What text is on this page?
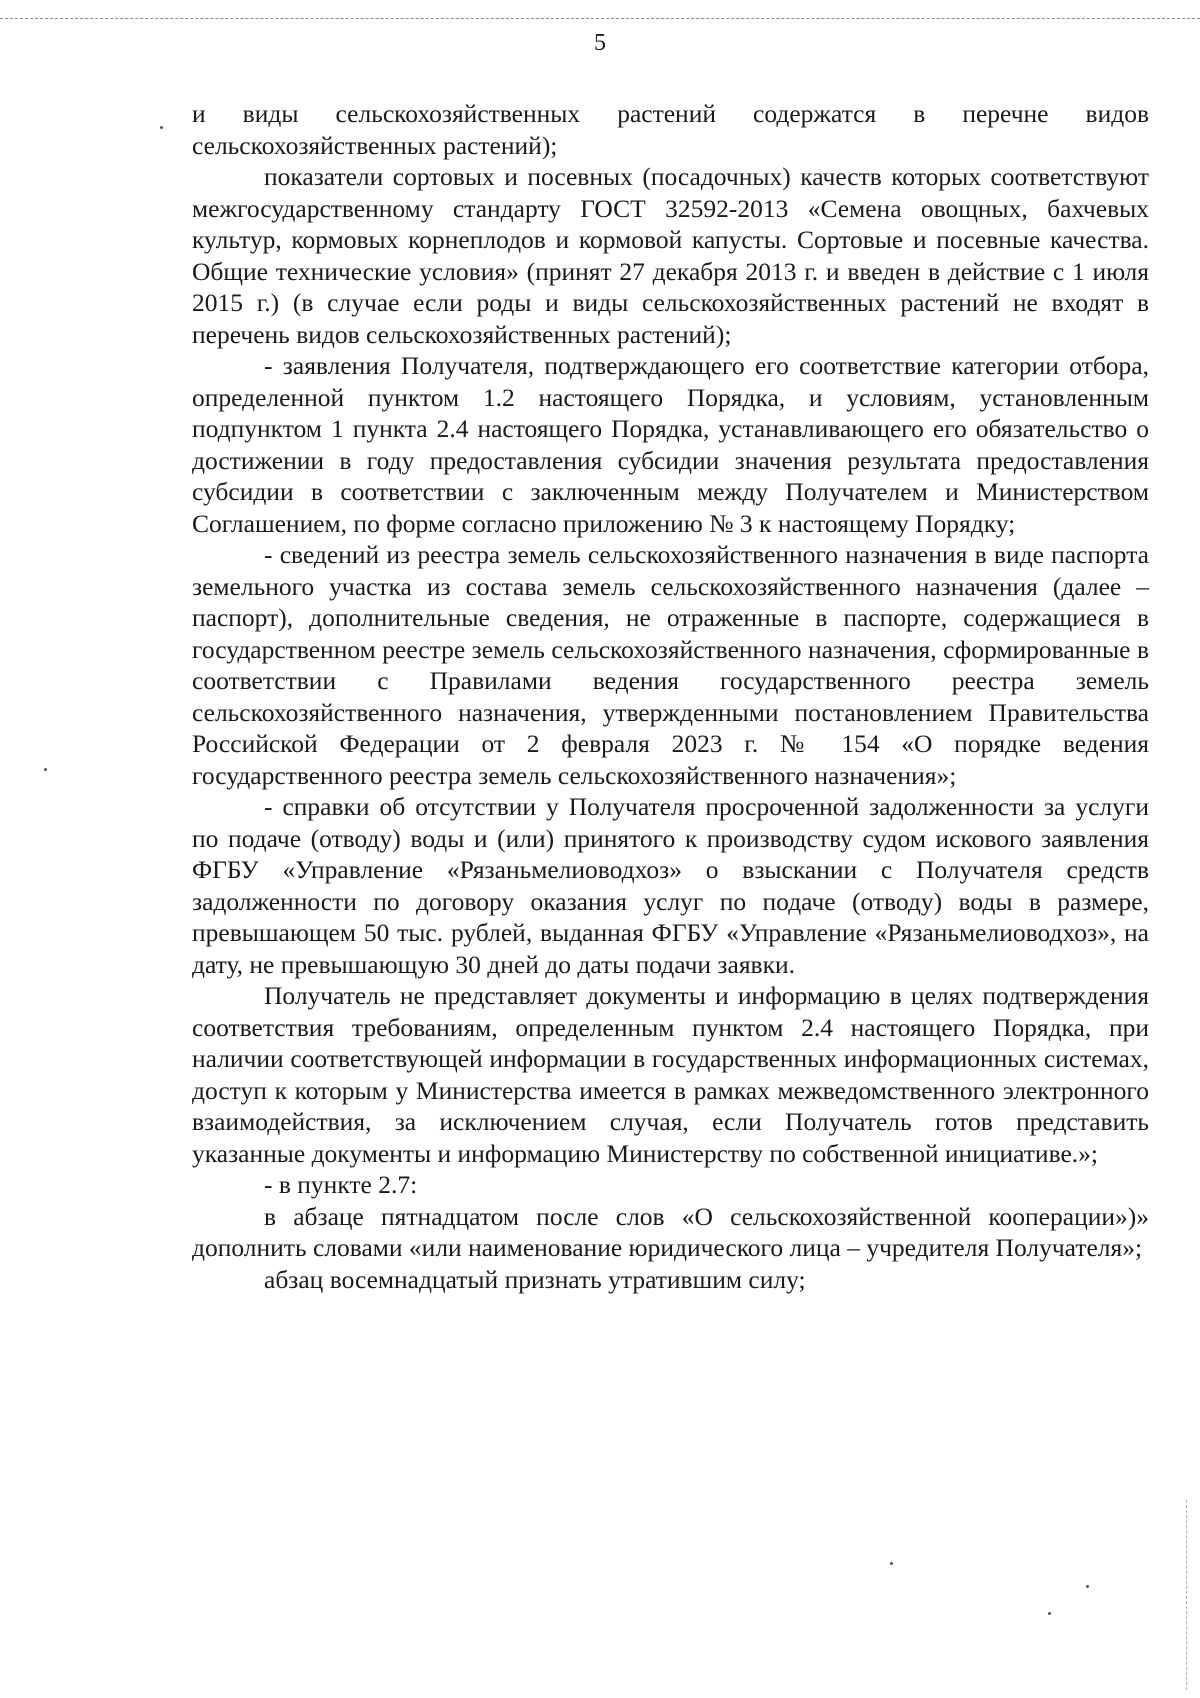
5

и виды сельскохозяйственных растений содержатся в перечне видов сельскохозяйственных растений);

показатели сортовых и посевных (посадочных) качеств которых соответствуют межгосударственному стандарту ГОСТ 32592-2013 «Семена овощных, бахчевых культур, кормовых корнеплодов и кормовой капусты. Сортовые и посевные качества. Общие технические условия» (принят 27 декабря 2013 г. и введен в действие с 1 июля 2015 г.) (в случае если роды и виды сельскохозяйственных растений не входят в перечень видов сельскохозяйственных растений);

- заявления Получателя, подтверждающего его соответствие категории отбора, определенной пунктом 1.2 настоящего Порядка, и условиям, установленным подпунктом 1 пункта 2.4 настоящего Порядка, устанавливающего его обязательство о достижении в году предоставления субсидии значения результата предоставления субсидии в соответствии с заключенным между Получателем и Министерством Соглашением, по форме согласно приложению № 3 к настоящему Порядку;

- сведений из реестра земель сельскохозяйственного назначения в виде паспорта земельного участка из состава земель сельскохозяйственного назначения (далее – паспорт), дополнительные сведения, не отраженные в паспорте, содержащиеся в государственном реестре земель сельскохозяйственного назначения, сформированные в соответствии с Правилами ведения государственного реестра земель сельскохозяйственного назначения, утвержденными постановлением Правительства Российской Федерации от 2 февраля 2023 г. № 154 «О порядке ведения государственного реестра земель сельскохозяйственного назначения»;

- справки об отсутствии у Получателя просроченной задолженности за услуги по подаче (отводу) воды и (или) принятого к производству судом искового заявления ФГБУ «Управление «Рязаньмелиоводхоз» о взыскании с Получателя средств задолженности по договору оказания услуг по подаче (отводу) воды в размере, превышающем 50 тыс. рублей, выданная ФГБУ «Управление «Рязаньмелиоводхоз», на дату, не превышающую 30 дней до даты подачи заявки.

Получатель не представляет документы и информацию в целях подтверждения соответствия требованиям, определенным пунктом 2.4 настоящего Порядка, при наличии соответствующей информации в государственных информационных системах, доступ к которым у Министерства имеется в рамках межведомственного электронного взаимодействия, за исключением случая, если Получатель готов представить указанные документы и информацию Министерству по собственной инициативе.»;

- в пункте 2.7:

в абзаце пятнадцатом после слов «О сельскохозяйственной кооперации»)» дополнить словами «или наименование юридического лица – учредителя Получателя»;

абзац восемнадцатый признать утратившим силу;
